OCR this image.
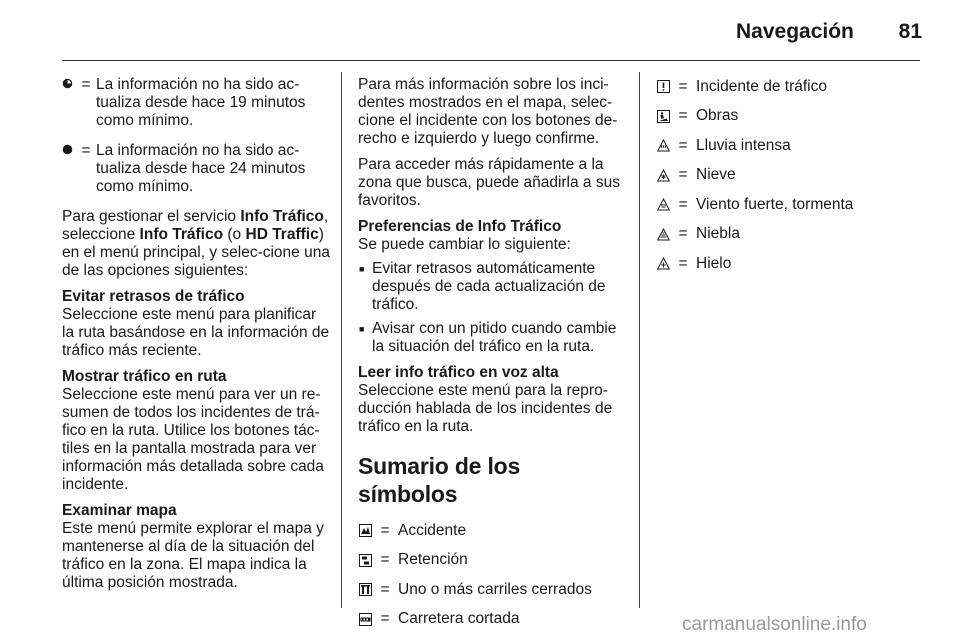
Navegación	81
= La información no ha sido ac-tualiza desde hace 19 minutos como mínimo.
= La información no ha sido ac-tualiza desde hace 24 minutos como mínimo.

Para gestionar el servicio Info Tráfico, seleccione Info Tráfico (o HD Traffic) en el menú principal, y selec-cione una de las opciones siguientes:

Evitar retrasos de tráfico

Seleccione este menú para planificar la ruta basándose en la información de tráfico más reciente.

Mostrar tráfico en ruta

Seleccione este menú para ver un re-sumen de todos los incidentes de trá-fico en la ruta. Utilice los botones tác-tiles en la pantalla mostrada para ver información más detallada sobre cada incidente.

Examinar mapa

Este menú permite explorar el mapa y mantenerse al día de la situación del tráfico en la zona. El mapa indica la última posición mostrada.

Para más información sobre los inci-dentes mostrados en el mapa, selec-cione el incidente con los botones de-recho e izquierdo y luego confirme.

Para acceder más rápidamente a la zona que busca, puede añadirla a sus favoritos.

Preferencias de Info Tráfico
Se puede cambiar lo siguiente:
■ Evitar retrasos automáticamente después de cada actualización de tráfico.
■ Avisar con un pitido cuando cambie la situación del tráfico en la ruta.
Leer info tráfico en voz alta

Seleccione este menú para la repro-ducción hablada de los incidentes de tráfico en la ruta.

Sumario de los símbolos
= Accidente
= Retención
= Uno o más carriles cerrados
= Carretera cortada
= Incidente de tráfico
= Obras
= Lluvia intensa
= Nieve
= Viento fuerte, tormenta
= Niebla
= Hielo
carmanualsonline.info
